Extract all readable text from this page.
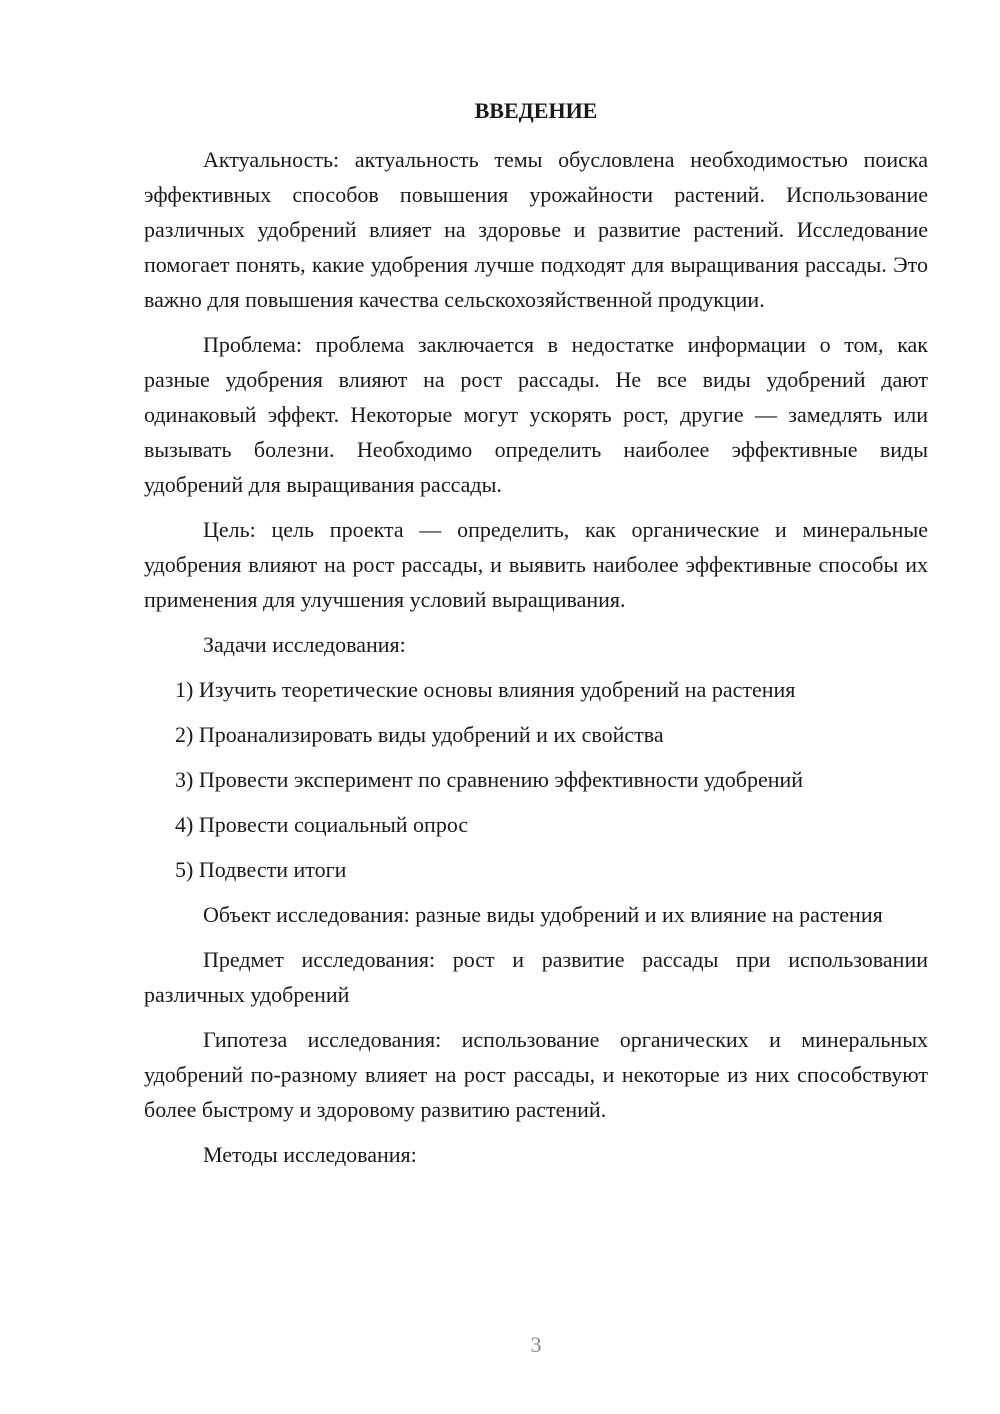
ВВЕДЕНИЕ

Актуальность: актуальность темы обусловлена необходимостью поиска эффективных способов повышения урожайности растений. Использование различных удобрений влияет на здоровье и развитие растений. Исследование помогает понять, какие удобрения лучше подходят для выращивания рассады. Это важно для повышения качества сельскохозяйственной продукции.

Проблема: проблема заключается в недостатке информации о том, как разные удобрения влияют на рост рассады. Не все виды удобрений дают одинаковый эффект. Некоторые могут ускорять рост, другие — замедлять или вызывать болезни. Необходимо определить наиболее эффективные виды удобрений для выращивания рассады.

Цель: цель проекта — определить, как органические и минеральные удобрения влияют на рост рассады, и выявить наиболее эффективные способы их применения для улучшения условий выращивания.

Задачи исследования:

1) Изучить теоретические основы влияния удобрений на растения
2) Проанализировать виды удобрений и их свойства
3) Провести эксперимент по сравнению эффективности удобрений
4) Провести социальный опрос
5) Подвести итоги

Объект исследования: разные виды удобрений и их влияние на растения

Предмет исследования: рост и развитие рассады при использовании различных удобрений

Гипотеза исследования: использование органических и минеральных удобрений по-разному влияет на рост рассады, и некоторые из них способствуют более быстрому и здоровому развитию растений.

Методы исследования:

3
